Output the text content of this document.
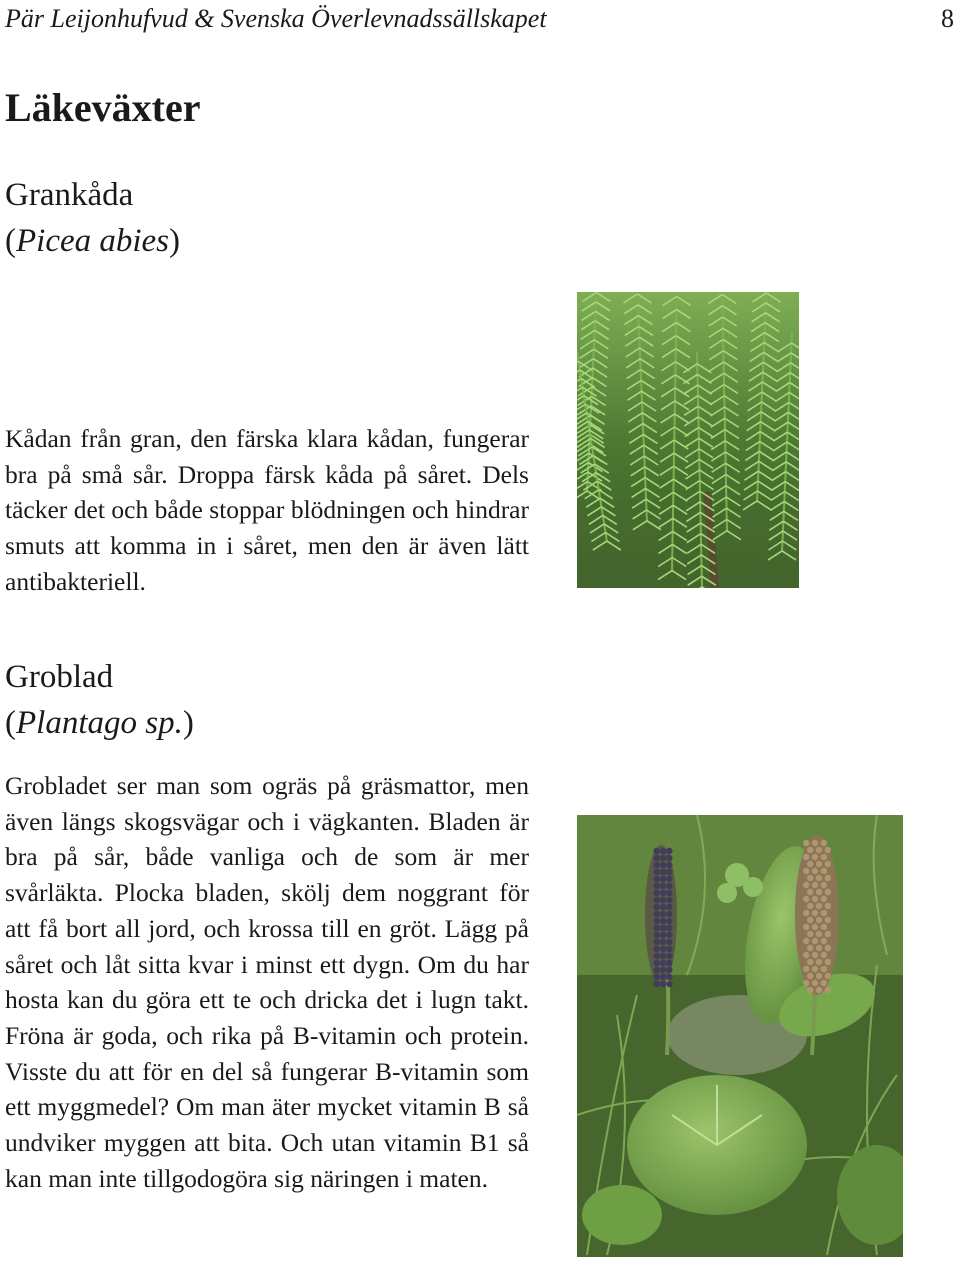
Pär Leijonhufvud & Svenska Överlevnadssällskapet	8
Läkeväxter
Grankåda
(Picea abies)

Kådan från gran, den färska klara kådan, fungerar bra på små sår. Droppa färsk kåda på såret. Dels täcker det och både stoppar blödningen och hindrar smuts att komma in i såret, men den är även lätt antibakteriell.

Groblad
(Plantago sp.)

Grobladet ser man som ogräs på gräsmattor, men även längs skogsvägar och i vägkanten. Bladen är bra på sår, både vanliga och de som är mer svårläkta. Plocka bladen, skölj dem noggrant för att få bort all jord, och krossa till en gröt. Lägg på såret och låt sitta kvar i minst ett dygn. Om du har hosta kan du göra ett te och dricka det i lugn takt. Fröna är goda, och rika på B-vitamin och protein. Visste du att för en del så fungerar B-vitamin som ett myggmedel? Om man äter mycket vitamin B så undviker myggen att bita. Och utan vitamin B1 så kan man inte tillgodogöra sig näringen i maten.
